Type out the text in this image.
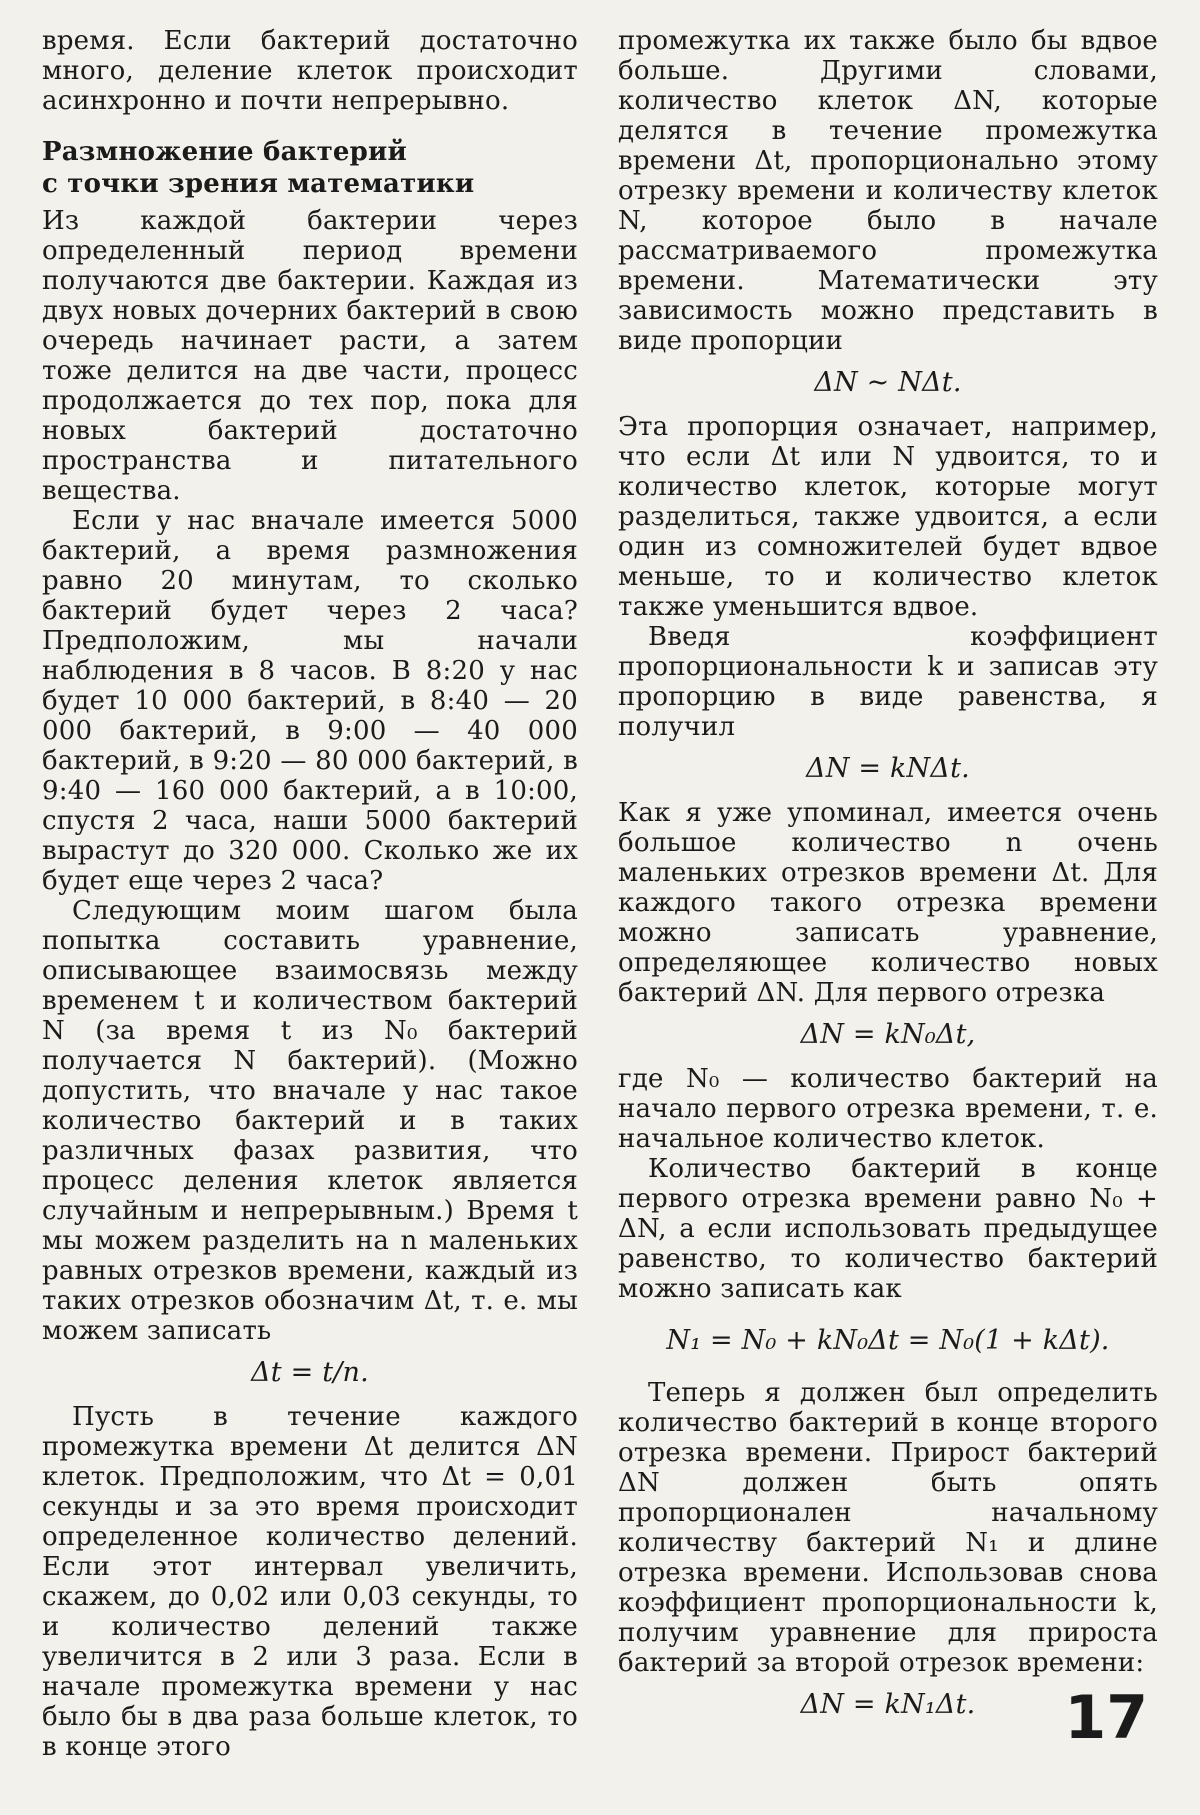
время. Если бактерий достаточно много, деление клеток происходит асинхронно и почти непрерывно.

Размножение бактерий
с точки зрения математики

Из каждой бактерии через определенный период времени получаются две бактерии. Каждая из двух новых дочерних бактерий в свою очередь начинает расти, а затем тоже делится на две части, процесс продолжается до тех пор, пока для новых бактерий достаточно пространства и питательного вещества.

Если у нас вначале имеется 5000 бактерий, а время размножения равно 20 минутам, то сколько бактерий будет через 2 часа? Предположим, мы начали наблюдения в 8 часов. В 8:20 у нас будет 10 000 бактерий, в 8:40 — 20 000 бактерий, в 9:00 — 40 000 бактерий, в 9:20 — 80 000 бактерий, в 9:40 — 160 000 бактерий, а в 10:00, спустя 2 часа, наши 5000 бактерий вырастут до 320 000. Сколько же их будет еще через 2 часа?

Следующим моим шагом была попытка составить уравнение, описывающее взаимосвязь между временем t и количеством бактерий N (за время t из N₀ бактерий получается N бактерий). (Можно допустить, что вначале у нас такое количество бактерий и в таких различных фазах развития, что процесс деления клеток является случайным и непрерывным.) Время t мы можем разделить на n маленьких равных отрезков времени, каждый из таких отрезков обозначим Δt, т. е. мы можем записать

Δt = t/n.

Пусть в течение каждого промежутка времени Δt делится ΔN клеток. Предположим, что Δt = 0,01 секунды и за это время происходит определенное количество делений. Если этот интервал увеличить, скажем, до 0,02 или 0,03 секунды, то и количество делений также увеличится в 2 или 3 раза. Если в начале промежутка времени у нас было бы в два раза больше клеток, то в конце этого

промежутка их также было бы вдвое больше. Другими словами, количество клеток ΔN, которые делятся в течение промежутка времени Δt, пропорционально этому отрезку времени и количеству клеток N, которое было в начале рассматриваемого промежутка времени. Математически эту зависимость можно представить в виде пропорции

ΔN ~ NΔt.

Эта пропорция означает, например, что если Δt или N удвоится, то и количество клеток, которые могут разделиться, также удвоится, а если один из сомножителей будет вдвое меньше, то и количество клеток также уменьшится вдвое.

Введя коэффициент пропорциональности k и записав эту пропорцию в виде равенства, я получил

ΔN = kNΔt.

Как я уже упоминал, имеется очень большое количество n очень маленьких отрезков времени Δt. Для каждого такого отрезка времени можно записать уравнение, определяющее количество новых бактерий ΔN. Для первого отрезка

ΔN = kN₀Δt,

где N₀ — количество бактерий на начало первого отрезка времени, т. е. начальное количество клеток.

Количество бактерий в конце первого отрезка времени равно N₀ + ΔN, а если использовать предыдущее равенство, то количество бактерий можно записать как

N₁ = N₀ + kN₀Δt = N₀(1 + kΔt).

Теперь я должен был определить количество бактерий в конце второго отрезка времени. Прирост бактерий ΔN должен быть опять пропорционален начальному количеству бактерий N₁ и длине отрезка времени. Использовав снова коэффициент пропорциональности k, получим уравнение для прироста бактерий за второй отрезок времени:

ΔN = kN₁Δt.	17
